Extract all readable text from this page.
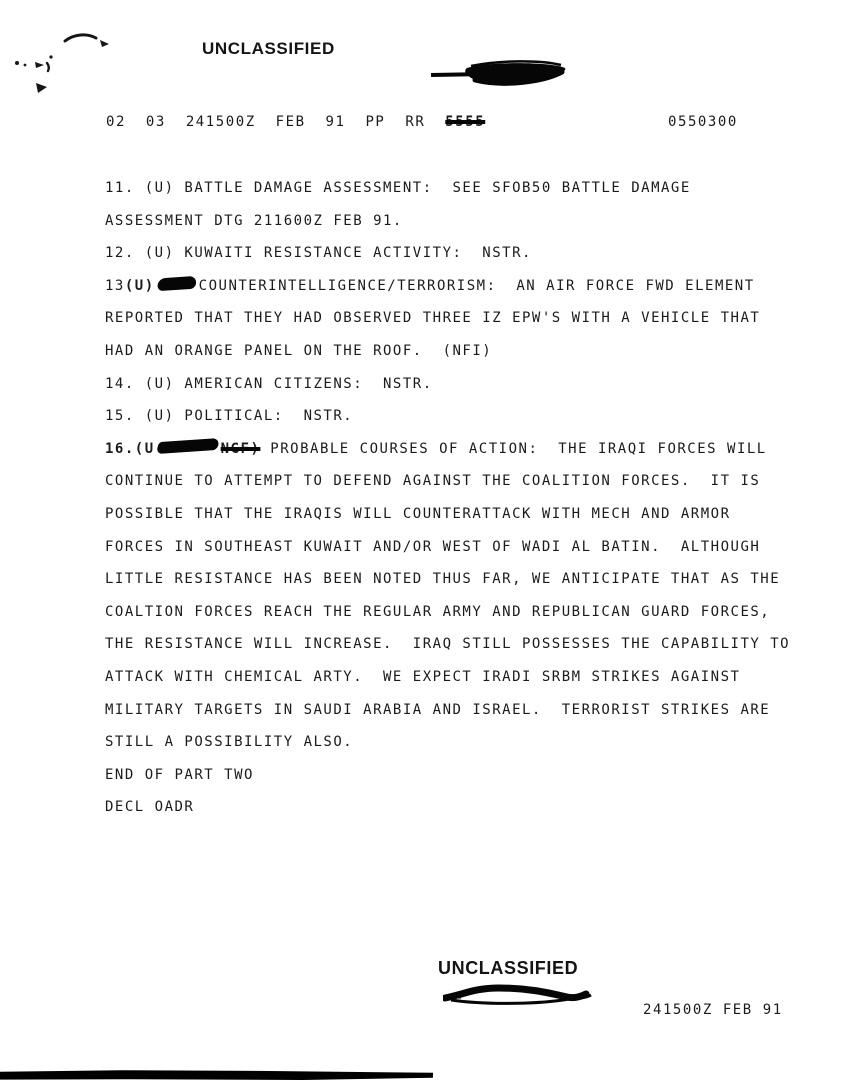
UNCLASSIFIED
02  03  241500Z  FEB  91  PP  RR 5555	0550300
11. (U) BATTLE DAMAGE ASSESSMENT:  SEE SFOB50 BATTLE DAMAGE
ASSESSMENT DTG 211600Z FEB 91.
12. (U) KUWAITI RESISTANCE ACTIVITY:  NSTR.
13(U)	COUNTERINTELLIGENCE/TERRORISM:  AN AIR FORCE FWD ELEMENT
REPORTED THAT THEY HAD OBSERVED THREE IZ EPW'S WITH A VEHICLE THAT
HAD AN ORANGE PANEL ON THE ROOF.  (NFI)
14. (U) AMERICAN CITIZENS:  NSTR.
15. (U) POLITICAL:  NSTR.
16.(U	NGF) PROBABLE COURSES OF ACTION:  THE IRAQI FORCES WILL
CONTINUE TO ATTEMPT TO DEFEND AGAINST THE COALITION FORCES.  IT IS
POSSIBLE THAT THE IRAQIS WILL COUNTERATTACK WITH MECH AND ARMOR
FORCES IN SOUTHEAST KUWAIT AND/OR WEST OF WADI AL BATIN.  ALTHOUGH
LITTLE RESISTANCE HAS BEEN NOTED THUS FAR, WE ANTICIPATE THAT AS THE
COALTION FORCES REACH THE REGULAR ARMY AND REPUBLICAN GUARD FORCES,
THE RESISTANCE WILL INCREASE.  IRAQ STILL POSSESSES THE CAPABILITY TO
ATTACK WITH CHEMICAL ARTY.  WE EXPECT IRADI SRBM STRIKES AGAINST
MILITARY TARGETS IN SAUDI ARABIA AND ISRAEL.  TERRORIST STRIKES ARE
STILL A POSSIBILITY ALSO.
END OF PART TWO
DECL OADR
UNCLASSIFIED
241500Z FEB 91
